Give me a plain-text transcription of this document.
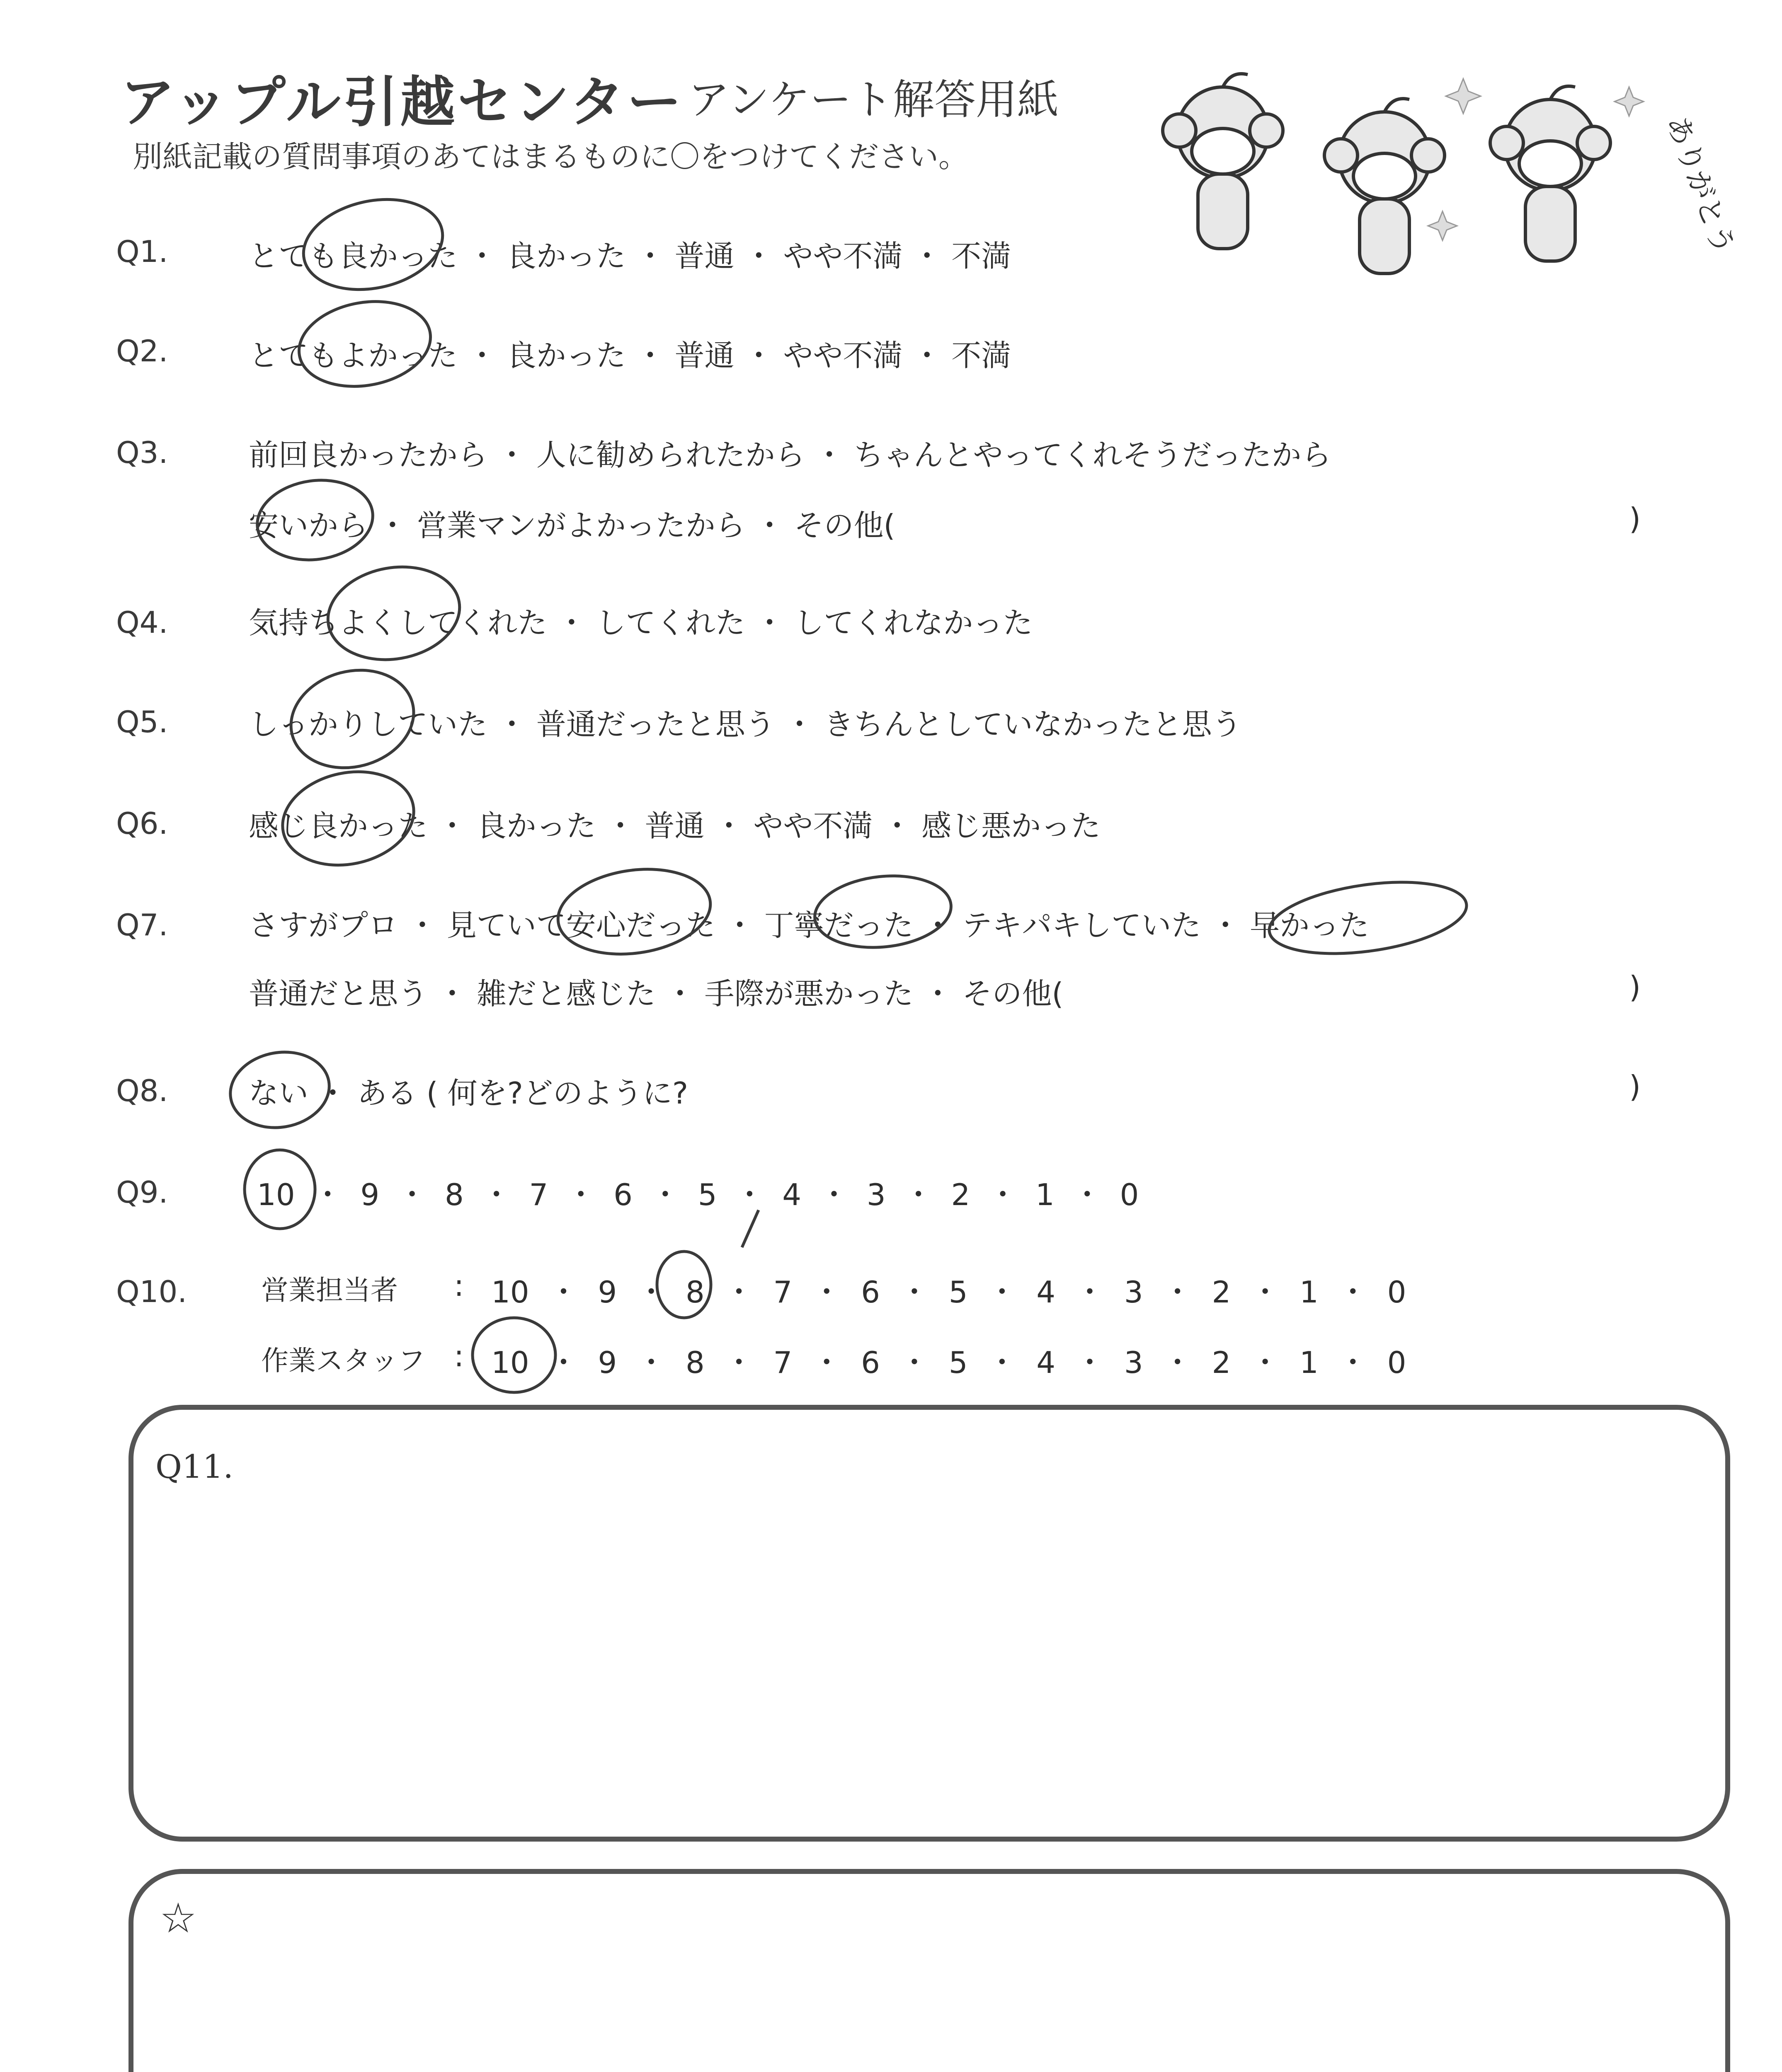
アップル引越センター アンケート解答用紙
別紙記載の質問事項のあてはまるものに〇をつけてください。	ありがとう
Q1.	とても良かった ・ 良かった ・ 普通 ・ やや不満 ・ 不満
Q2.	とてもよかった ・ 良かった ・ 普通 ・ やや不満 ・ 不満
Q3.	前回良かったから ・ 人に勧められたから ・ ちゃんとやってくれそうだったから
安いから ・ 営業マンがよかったから ・ その他(	)
Q4.	気持ちよくしてくれた ・ してくれた ・ してくれなかった
Q5.	しっかりしていた ・ 普通だったと思う ・ きちんとしていなかったと思う
Q6.	感じ良かった ・ 良かった ・ 普通 ・ やや不満 ・ 感じ悪かった
Q7.	さすがプロ ・ 見ていて安心だった ・ 丁寧だった ・ テキパキしていた ・ 早かった
普通だと思う ・ 雑だと感じた ・ 手際が悪かった ・ その他(	)
Q8.	ない ・ ある ( 何を?どのように?	)
Q9.	10 ・ 9 ・ 8 ・ 7 ・ 6 ・ 5 ・ 4 ・ 3 ・ 2 ・ 1 ・ 0
Q10.	営業担当者 : 10 ・ 9 ・ 8 ・ 7 ・ 6 ・ 5 ・ 4 ・ 3 ・ 2 ・ 1 ・ 0
作業スタッフ : 10 ・ 9 ・ 8 ・ 7 ・ 6 ・ 5 ・ 4 ・ 3 ・ 2 ・ 1 ・ 0
Q11.
☆
